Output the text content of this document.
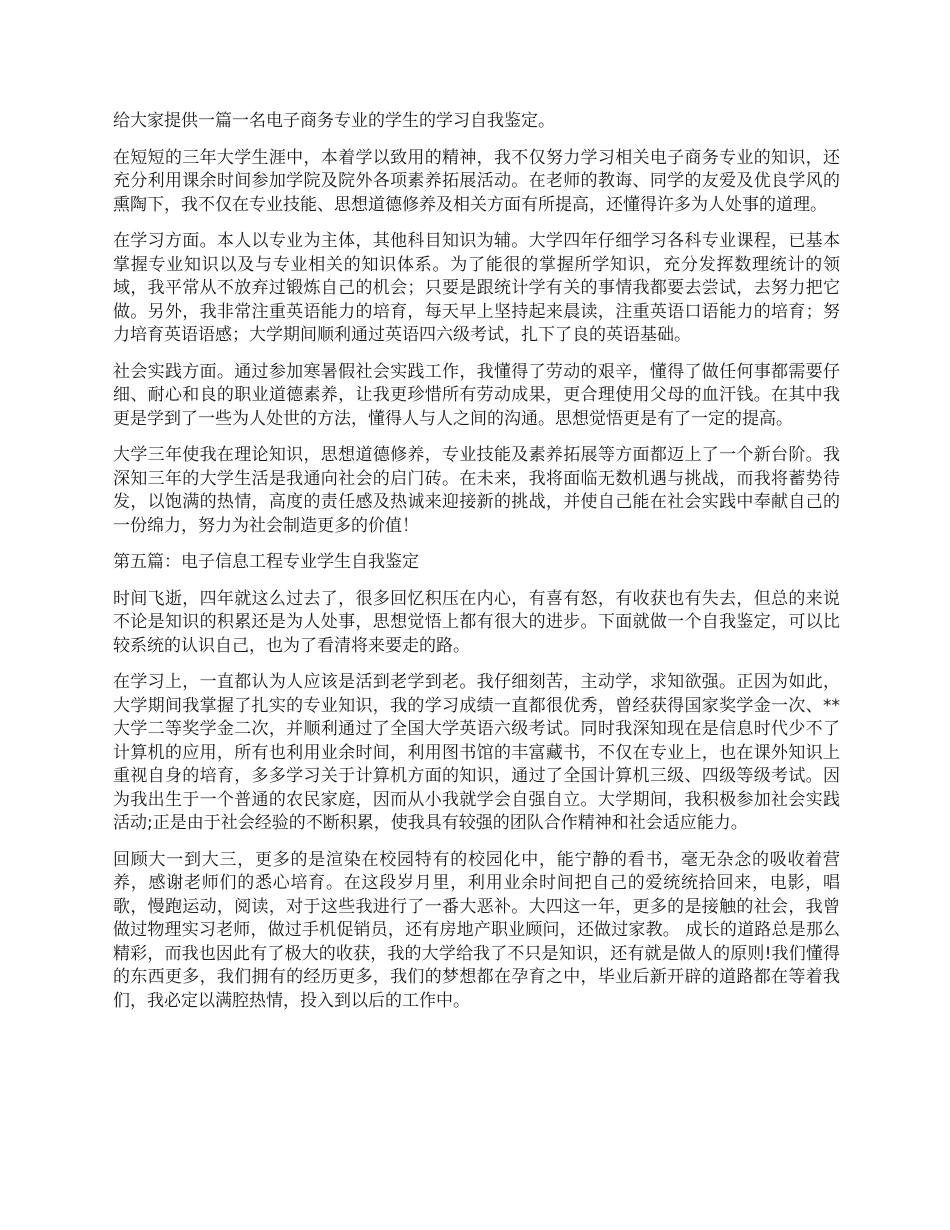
给大家提供一篇一名电子商务专业的学生的学习自我鉴定。

在短短的三年大学生涯中，本着学以致用的精神，我不仅努力学习相关电子商务专业的知识，还充分利用课余时间参加学院及院外各项素养拓展活动。在老师的教诲、同学的友爱及优良学风的熏陶下，我不仅在专业技能、思想道德修养及相关方面有所提高，还懂得许多为人处事的道理。

在学习方面。本人以专业为主体，其他科目知识为辅。大学四年仔细学习各科专业课程，已基本掌握专业知识以及与专业相关的知识体系。为了能很的掌握所学知识，充分发挥数理统计的领域，我平常从不放弃过锻炼自己的机会；只要是跟统计学有关的事情我都要去尝试，去努力把它做。另外，我非常注重英语能力的培育，每天早上坚持起来晨读，注重英语口语能力的培育；努力培育英语语感；大学期间顺利通过英语四六级考试，扎下了良的英语基础。

社会实践方面。通过参加寒暑假社会实践工作，我懂得了劳动的艰辛，懂得了做任何事都需要仔细、耐心和良的职业道德素养，让我更珍惜所有劳动成果，更合理使用父母的血汗钱。在其中我更是学到了一些为人处世的方法，懂得人与人之间的沟通。思想觉悟更是有了一定的提高。

大学三年使我在理论知识，思想道德修养，专业技能及素养拓展等方面都迈上了一个新台阶。我深知三年的大学生活是我通向社会的启门砖。在未来，我将面临无数机遇与挑战，而我将蓄势待发，以饱满的热情，高度的责任感及热诚来迎接新的挑战，并使自己能在社会实践中奉献自己的一份绵力，努力为社会制造更多的价值！

第五篇：电子信息工程专业学生自我鉴定

时间飞逝，四年就这么过去了，很多回忆积压在内心，有喜有怒，有收获也有失去，但总的来说不论是知识的积累还是为人处事，思想觉悟上都有很大的进步。下面就做一个自我鉴定，可以比较系统的认识自己，也为了看清将来要走的路。

在学习上，一直都认为人应该是活到老学到老。我仔细刻苦，主动学，求知欲强。正因为如此，大学期间我掌握了扎实的专业知识，我的学习成绩一直都很优秀，曾经获得国家奖学金一次、**大学二等奖学金二次，并顺利通过了全国大学英语六级考试。同时我深知现在是信息时代少不了计算机的应用，所有也利用业余时间，利用图书馆的丰富藏书，不仅在专业上，也在课外知识上重视自身的培育，多多学习关于计算机方面的知识，通过了全国计算机三级、四级等级考试。因为我出生于一个普通的农民家庭，因而从小我就学会自强自立。大学期间，我积极参加社会实践活动;正是由于社会经验的不断积累，使我具有较强的团队合作精神和社会适应能力。

回顾大一到大三，更多的是渲染在校园特有的校园化中，能宁静的看书，毫无杂念的吸收着营养，感谢老师们的悉心培育。在这段岁月里，利用业余时间把自己的爱统统拾回来，电影，唱歌，慢跑运动，阅读，对于这些我进行了一番大恶补。大四这一年，更多的是接触的社会，我曾做过物理实习老师，做过手机促销员，还有房地产职业顾问，还做过家教。 成长的道路总是那么精彩，而我也因此有了极大的收获，我的大学给我了不只是知识，还有就是做人的原则!我们懂得的东西更多，我们拥有的经历更多，我们的梦想都在孕育之中，毕业后新开辟的道路都在等着我们，我必定以满腔热情，投入到以后的工作中。
